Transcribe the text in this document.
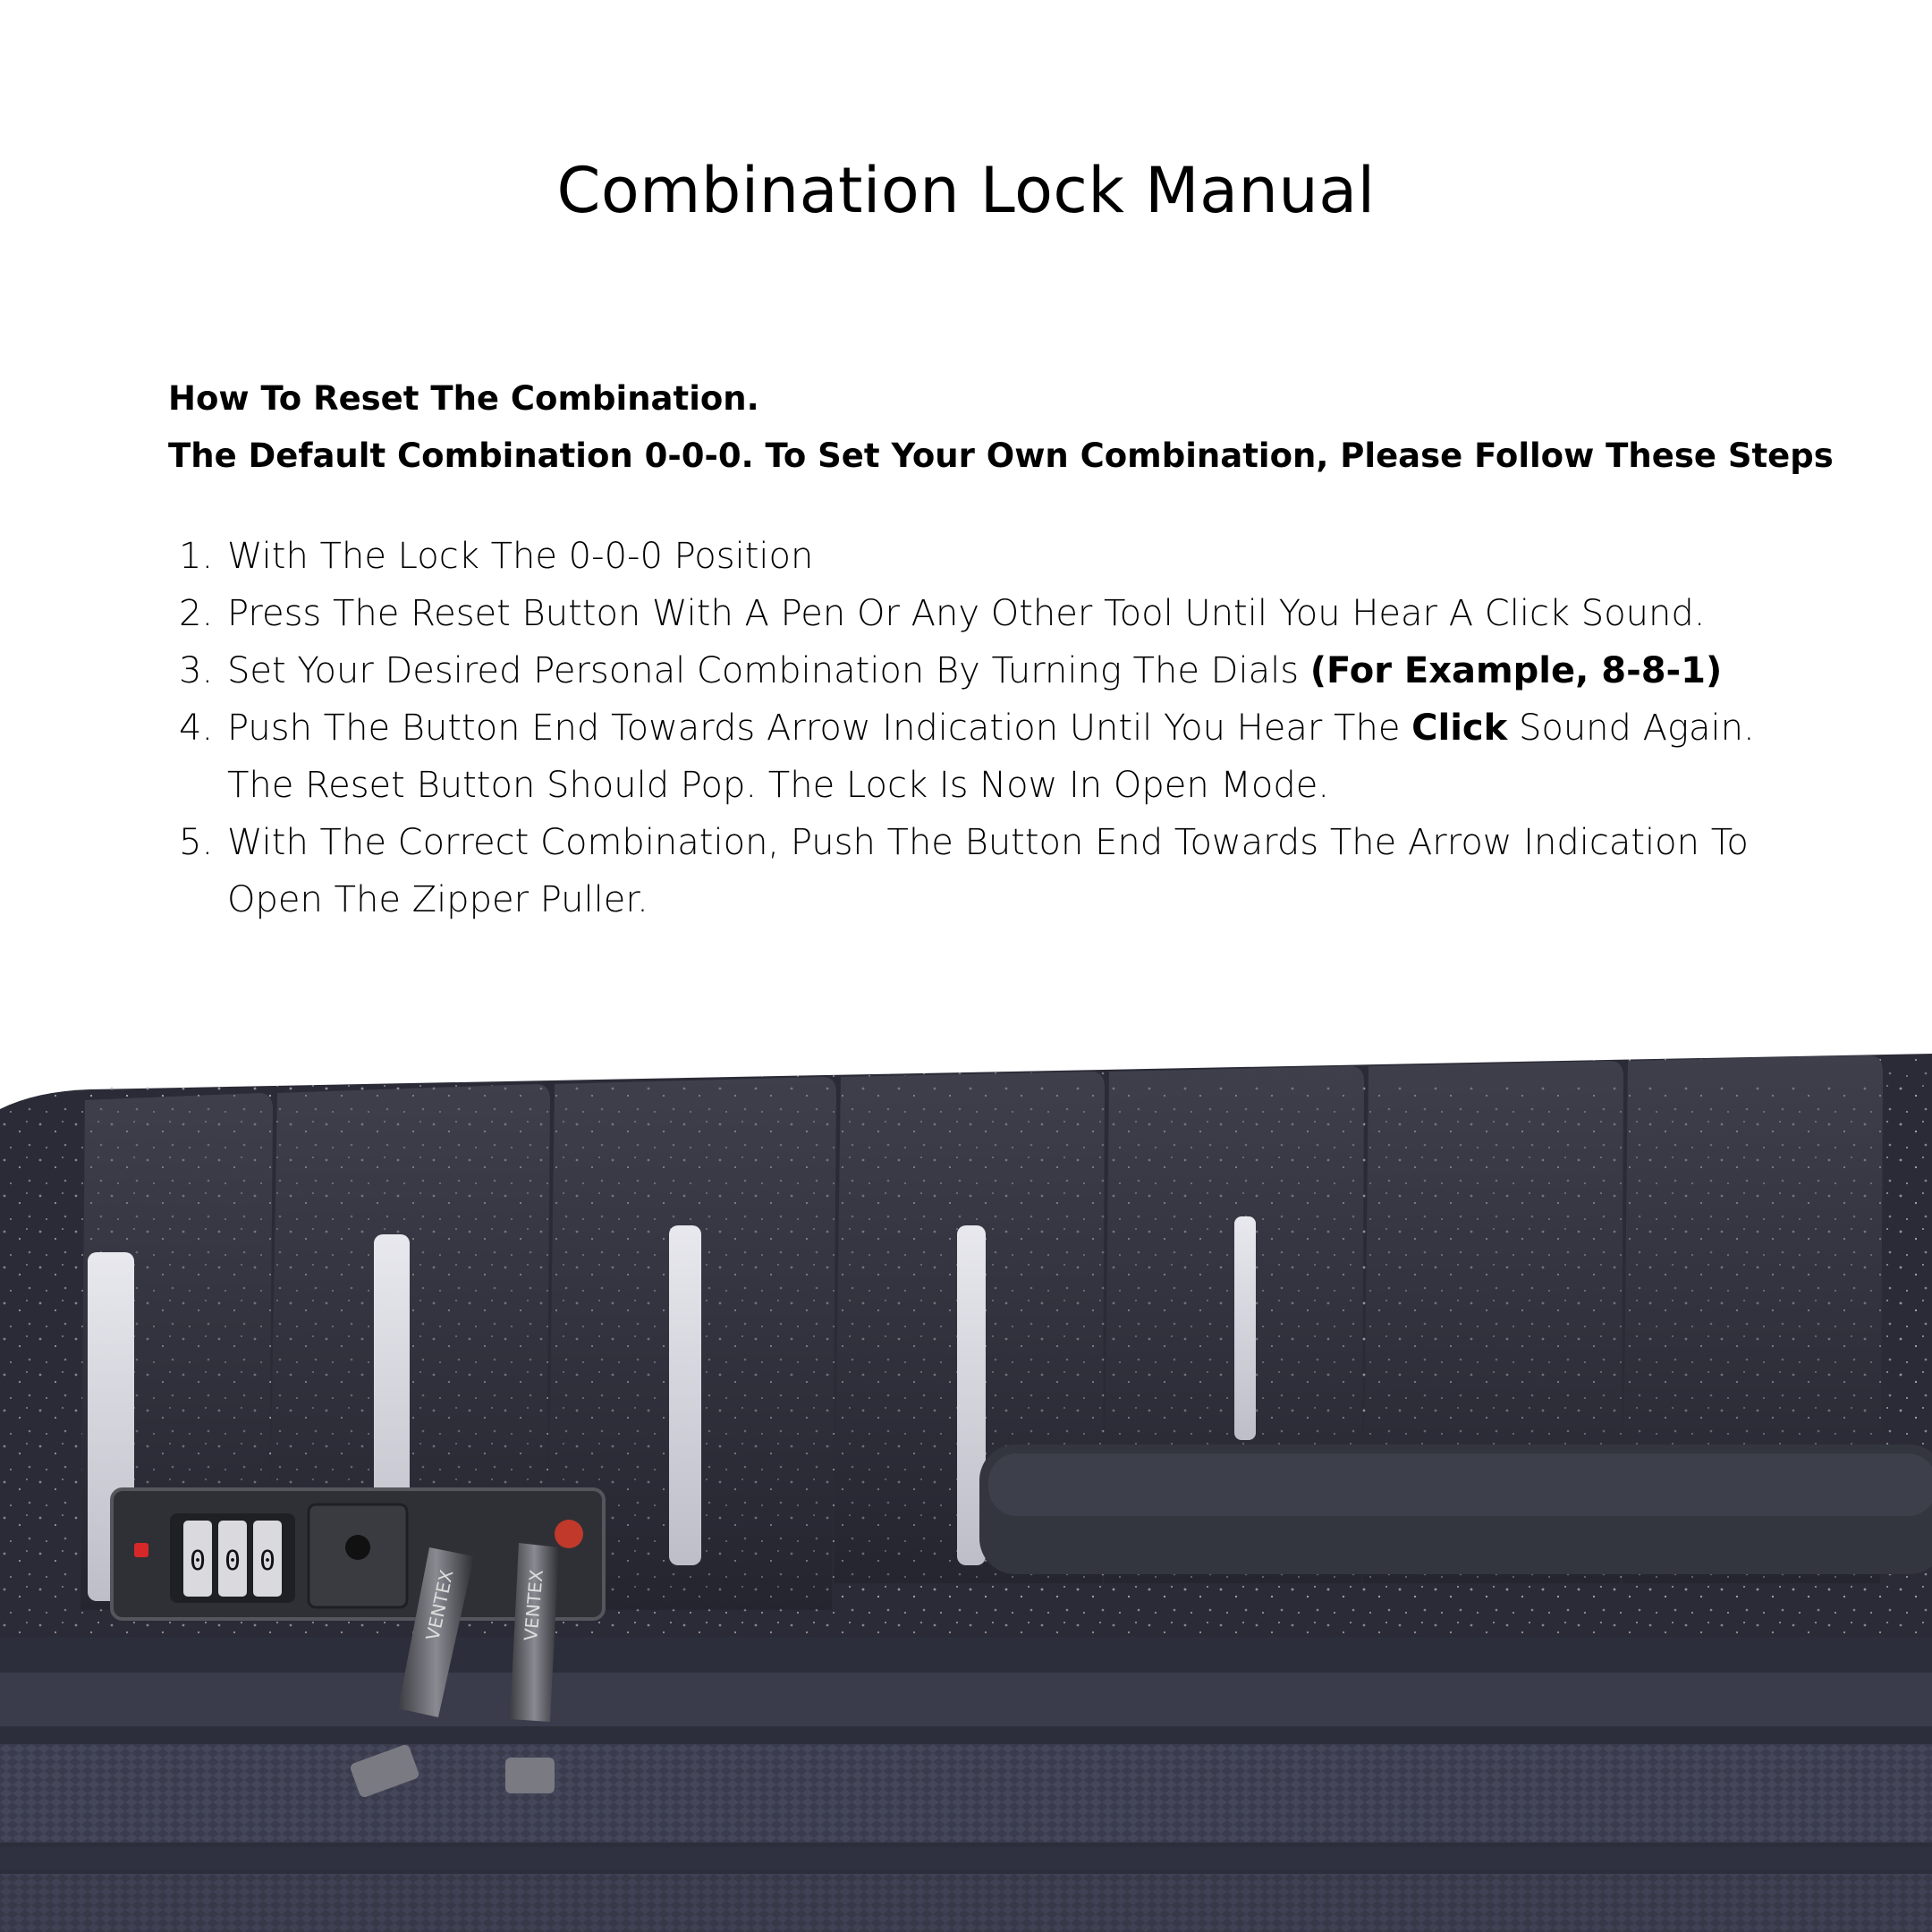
Combination Lock Manual
How To Reset The Combination.
The Default Combination 0-0-0. To Set Your Own Combination, Please Follow These Steps
1. With The Lock The 0-0-0 Position
2. Press The Reset Button With A Pen Or Any Other Tool Until You Hear A Click Sound.
3. Set Your Desired Personal Combination By Turning The Dials (For Example, 8-8-1)
4. Push The Button End Towards Arrow Indication Until You Hear The Click Sound Again. The Reset Button Should Pop. The Lock Is Now In Open Mode.
5. With The Correct Combination, Push The Button End Towards The Arrow Indication To Open The Zipper Puller.
0 0 0
VENTEX	VENTEX
